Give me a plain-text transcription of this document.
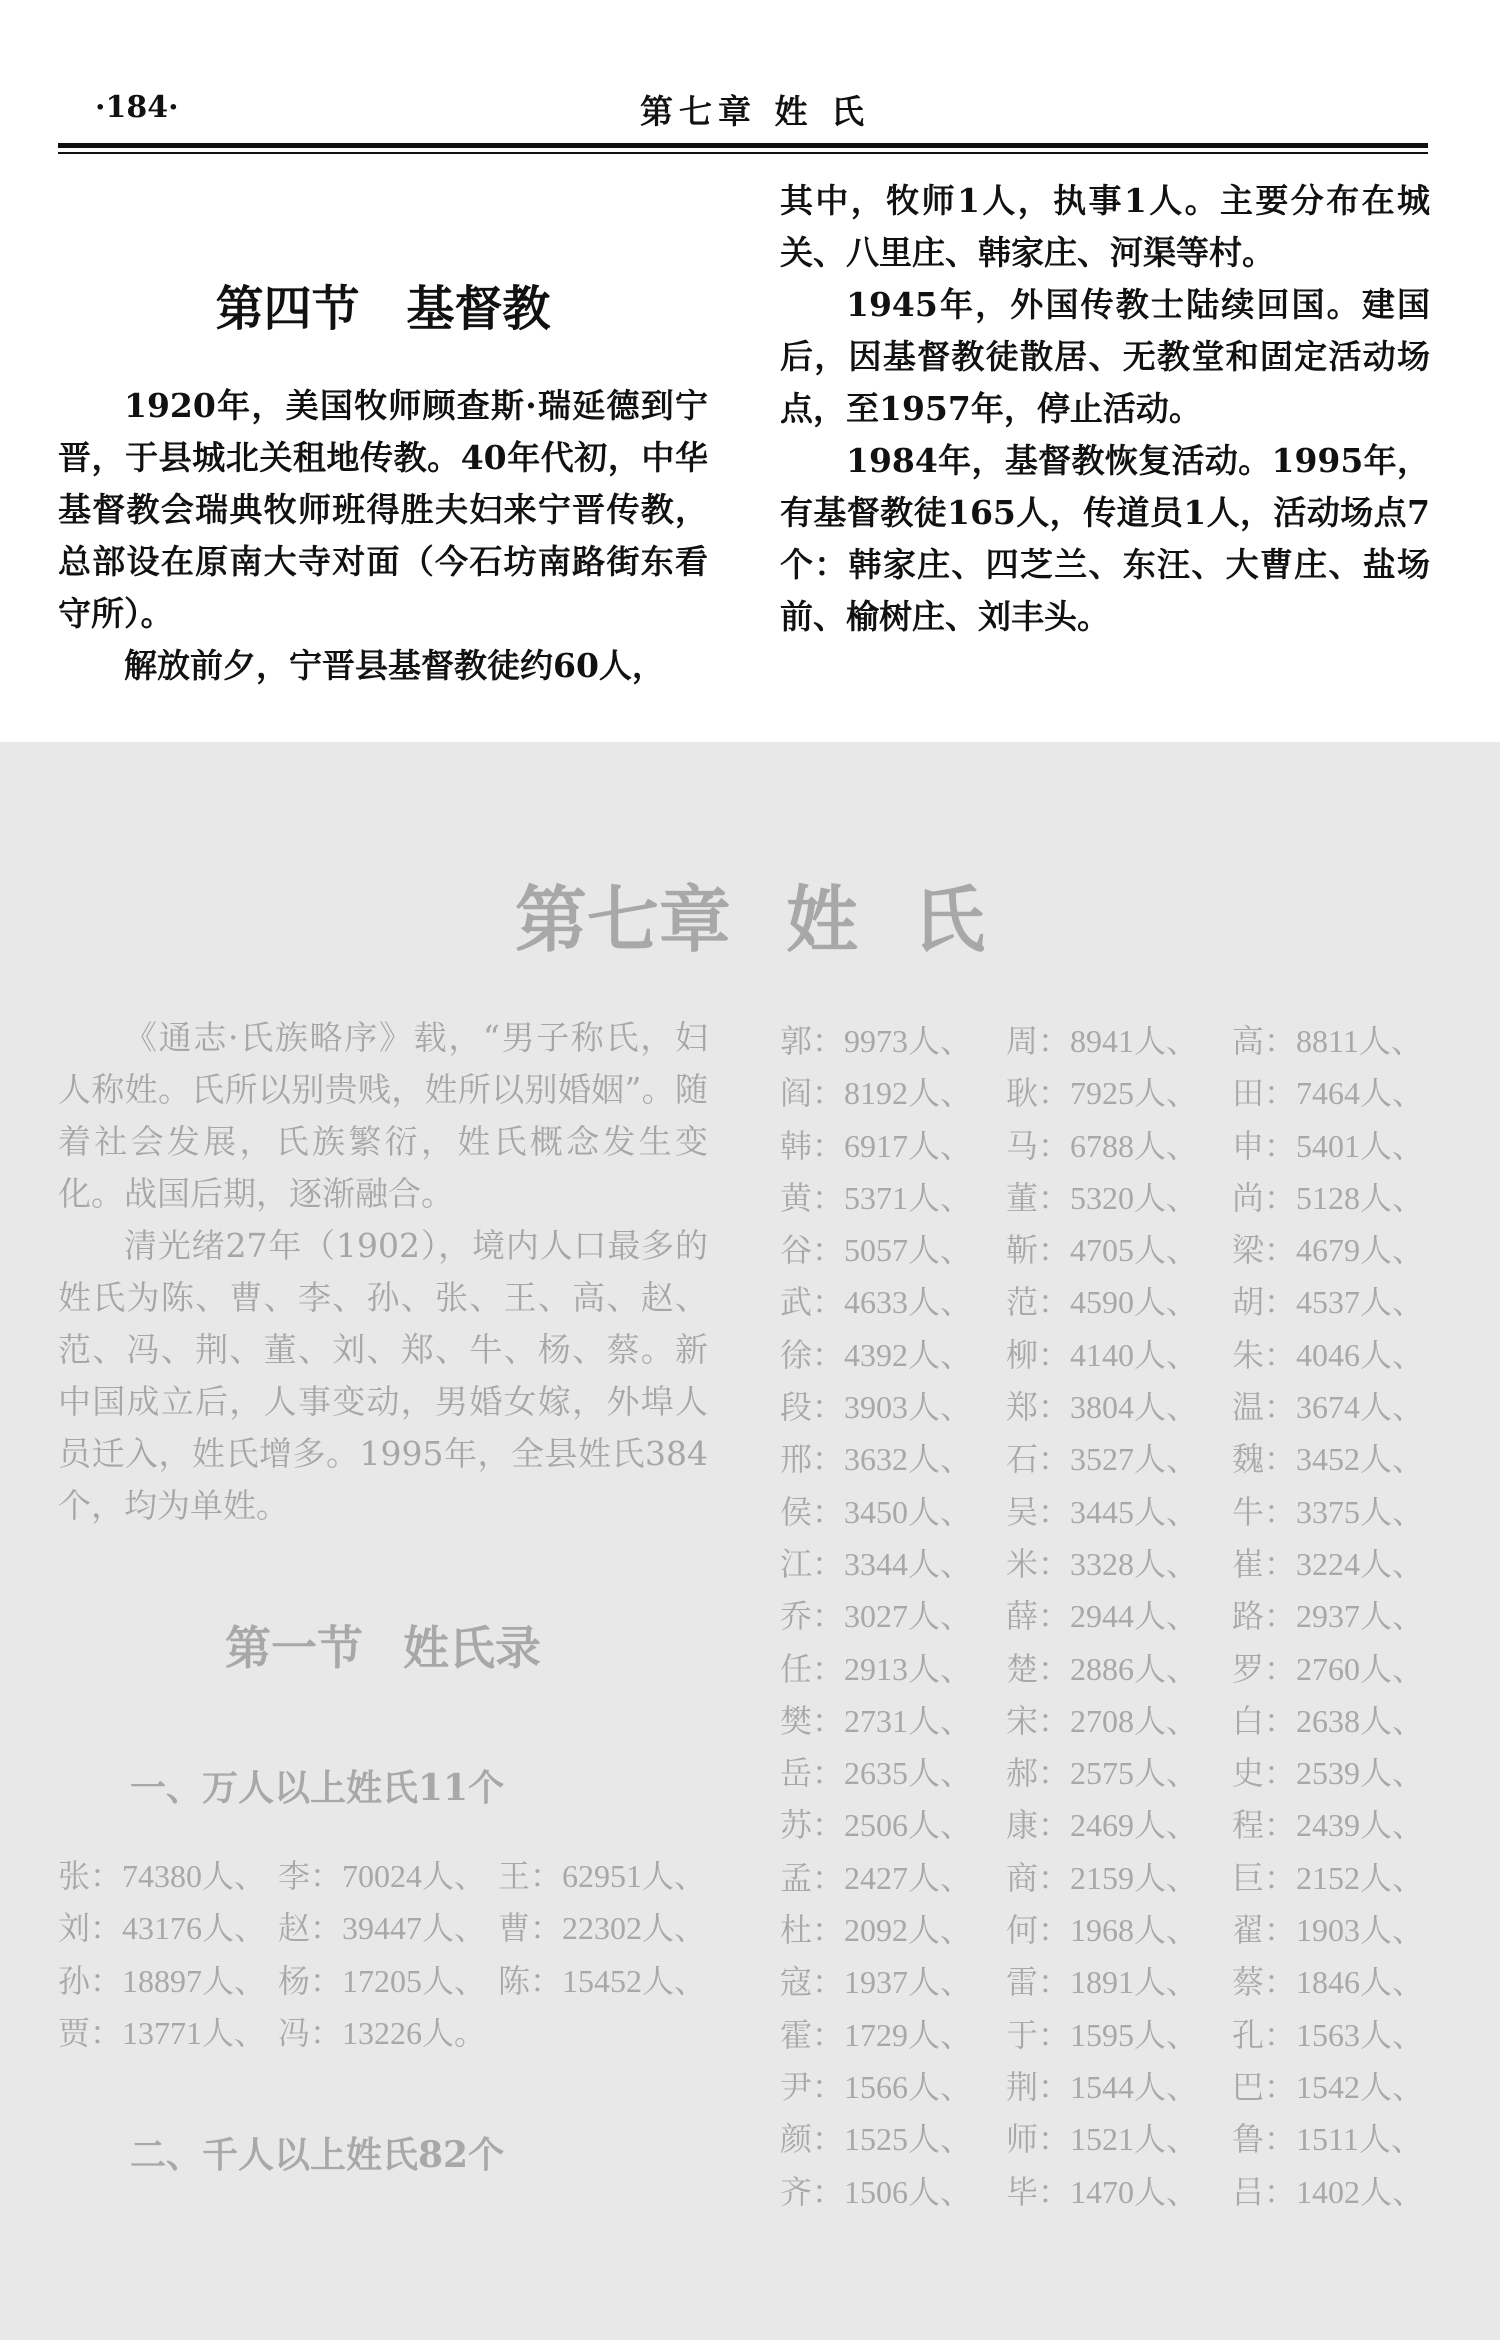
·184·	第七章 姓 氏
第四节 基督教

1920年，美国牧师顾查斯·瑞延德到宁晋，于县城北关租地传教。40年代初，中华基督教会瑞典牧师班得胜夫妇来宁晋传教，总部设在原南大寺对面（今石坊南路街东看守所）。

解放前夕，宁晋县基督教徒约60人，

其中，牧师1人，执事1人。主要分布在城关、八里庄、韩家庄、河渠等村。

1945年，外国传教士陆续回国。建国后，因基督教徒散居、无教堂和固定活动场点，至1957年，停止活动。

1984年，基督教恢复活动。1995年，有基督教徒165人，传道员1人，活动场点7个：韩家庄、四芝兰、东汪、大曹庄、盐场前、榆树庄、刘丰头。

第七章 姓 氏

《通志·氏族略序》载，“男子称氏，妇人称姓。氏所以别贵贱，姓所以别婚姻”。随着社会发展，氏族繁衍，姓氏概念发生变化。战国后期，逐渐融合。

清光绪27年（1902），境内人口最多的姓氏为陈、曹、李、孙、张、王、高、赵、范、冯、荆、董、刘、郑、牛、杨、蔡。新中国成立后，人事变动，男婚女嫁，外埠人员迁入，姓氏增多。1995年，全县姓氏384个，均为单姓。

第一节 姓氏录
一、万人以上姓氏11个
张：74380人、 李：70024人、 王：62951人、
刘：43176人、 赵：39447人、 曹：22302人、
孙：18897人、 杨：17205人、 陈：15452人、
贾：13771人、 冯：13226人。
二、千人以上姓氏82个
郭：9973人、	周：8941人、	高：8811人、
阎：8192人、	耿：7925人、	田：7464人、
韩：6917人、	马：6788人、	申：5401人、
黄：5371人、	董：5320人、	尚：5128人、
谷：5057人、	靳：4705人、	梁：4679人、
武：4633人、	范：4590人、	胡：4537人、
徐：4392人、	柳：4140人、	朱：4046人、
段：3903人、	郑：3804人、	温：3674人、
邢：3632人、	石：3527人、	魏：3452人、
侯：3450人、	吴：3445人、	牛：3375人、
江：3344人、	米：3328人、	崔：3224人、
乔：3027人、	薛：2944人、	路：2937人、
任：2913人、	楚：2886人、	罗：2760人、
樊：2731人、	宋：2708人、	白：2638人、
岳：2635人、	郝：2575人、	史：2539人、
苏：2506人、	康：2469人、	程：2439人、
孟：2427人、	商：2159人、	巨：2152人、
杜：2092人、	何：1968人、	翟：1903人、
寇：1937人、	雷：1891人、	蔡：1846人、
霍：1729人、	于：1595人、	孔：1563人、
尹：1566人、	荆：1544人、	巴：1542人、
颜：1525人、	师：1521人、	鲁：1511人、
齐：1506人、	毕：1470人、	吕：1402人、
